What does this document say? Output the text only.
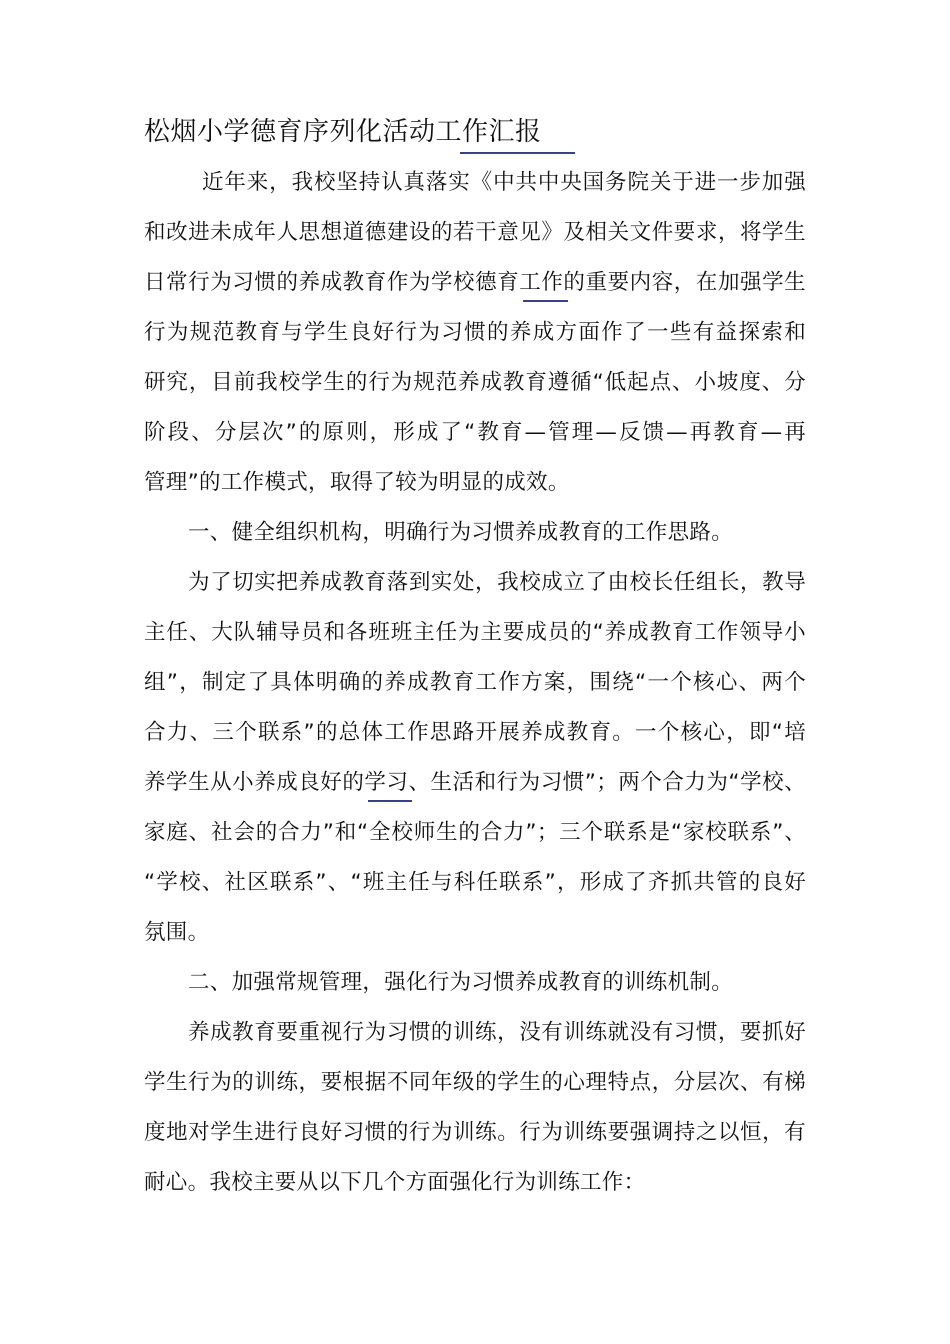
松烟小学德育序列化活动工作汇报
近年来，我校坚持认真落实《中共中央国务院关于进一步加强
和改进未成年人思想道德建设的若干意见》及相关文件要求，将学生
日常行为习惯的养成教育作为学校德育工作的重要内容，在加强学生
行为规范教育与学生良好行为习惯的养成方面作了一些有益探索和
研究，目前我校学生的行为规范养成教育遵循“低起点、小坡度、分
阶段、分层次”的原则，形成了“教育—管理—反馈—再教育—再
管理”的工作模式，取得了较为明显的成效。
一、健全组织机构，明确行为习惯养成教育的工作思路。
为了切实把养成教育落到实处，我校成立了由校长任组长，教导
主任、大队辅导员和各班班主任为主要成员的“养成教育工作领导小
组”，制定了具体明确的养成教育工作方案，围绕“一个核心、两个
合力、三个联系”的总体工作思路开展养成教育。一个核心，即“培
养学生从小养成良好的学习、生活和行为习惯”；两个合力为“学校、
家庭、社会的合力”和“全校师生的合力”；三个联系是“家校联系”、
“学校、社区联系”、“班主任与科任联系”，形成了齐抓共管的良好
氛围。
二、加强常规管理，强化行为习惯养成教育的训练机制。
养成教育要重视行为习惯的训练，没有训练就没有习惯，要抓好
学生行为的训练，要根据不同年级的学生的心理特点，分层次、有梯
度地对学生进行良好习惯的行为训练。行为训练要强调持之以恒，有
耐心。我校主要从以下几个方面强化行为训练工作：
